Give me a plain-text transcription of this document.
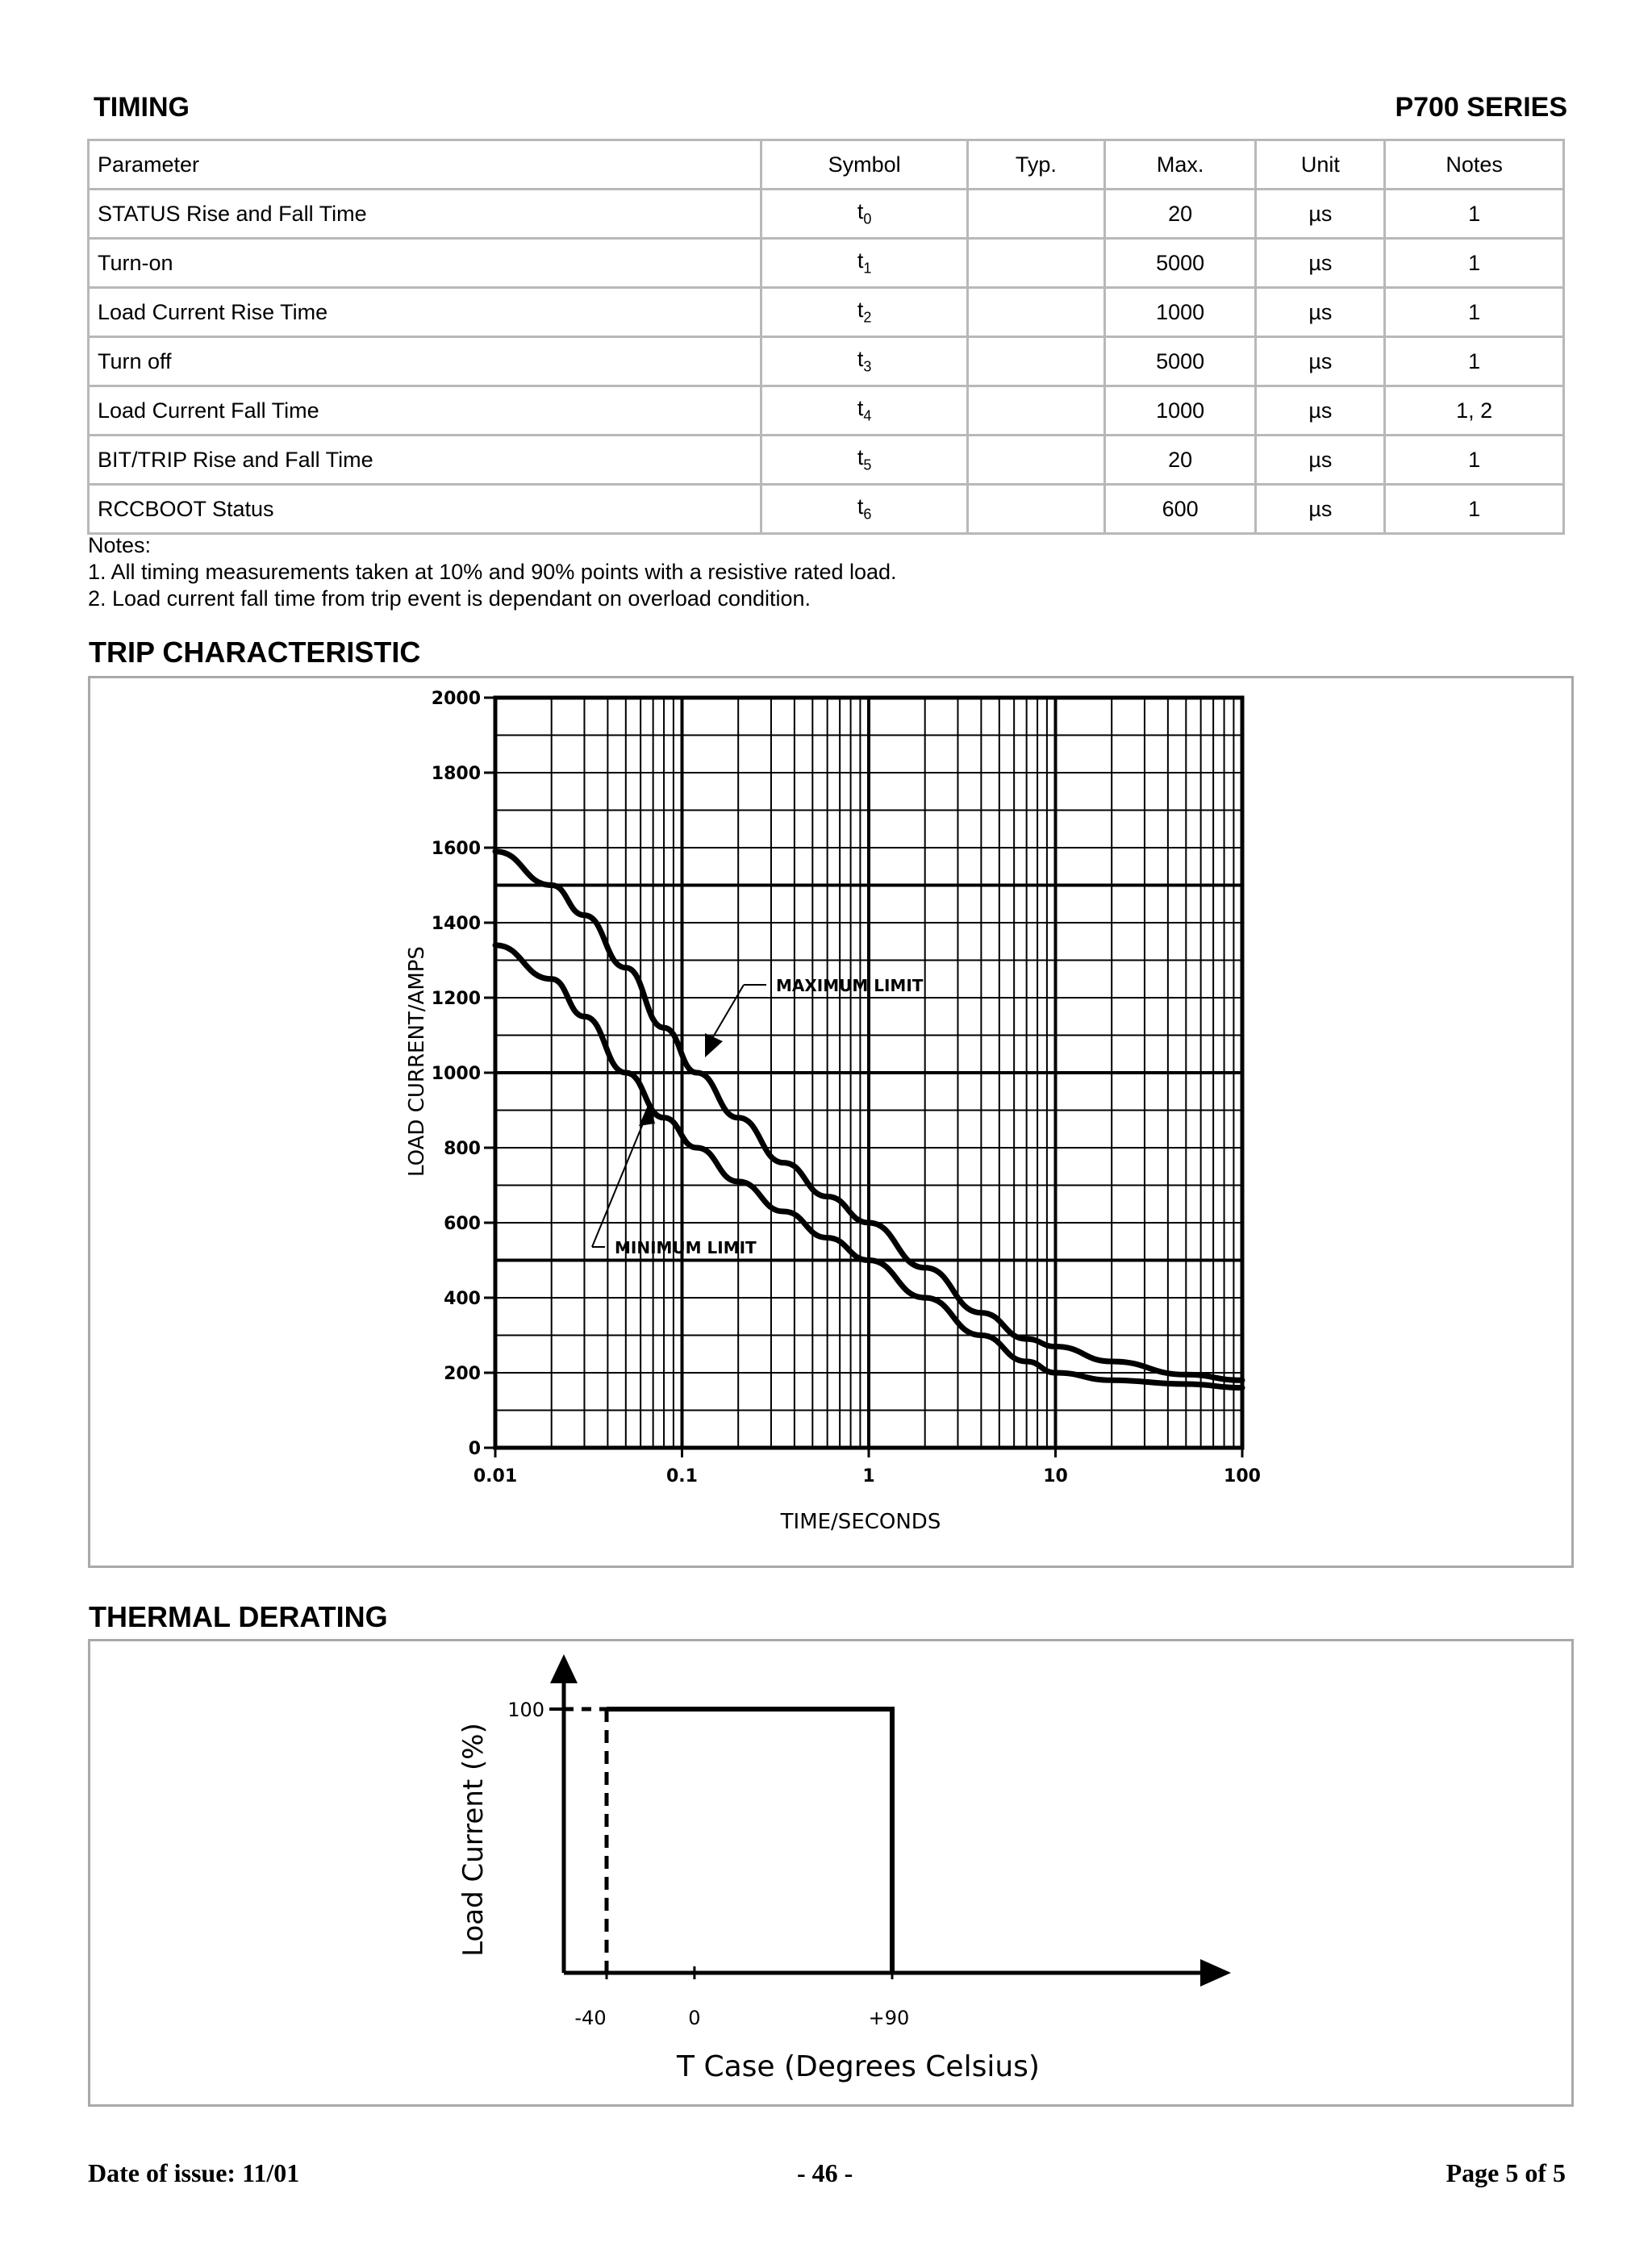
TIMING	P700 SERIES
Parameter	Symbol	Typ.	Max.	Unit	Notes
STATUS Rise and Fall Time	$t_0$		20	µs	1
Turn-on	$t_1$		5000	µs	1
Load Current Rise Time	$t_2$		1000	µs	1
Turn off	$t_3$		5000	µs	1
Load Current Fall Time	$t_4$		1000	µs	1, 2
BIT/TRIP Rise and Fall Time	$t_5$		20	µs	1
RCCBOOT Status	$t_6$		600	µs	1
Notes:
1. All timing measurements taken at 10% and 90% points with a resistive rated load.
2. Load current fall time from trip event is dependant on overload condition.
TRIP CHARACTERISTIC
0
200
400
600
800
1000
1200
1400
1600
1800
2000
0.01	0.1	1	10	100
TIME/SECONDS
LOAD CURRENT/AMPS	MAXIMUM LIMIT
MINIMUM LIMIT
THERMAL DERATING
100
-40	0	+90
T Case (Degrees Celsius)
Load Current (%)
Date of issue: 11/01	- 46 -	Page 5 of 5
